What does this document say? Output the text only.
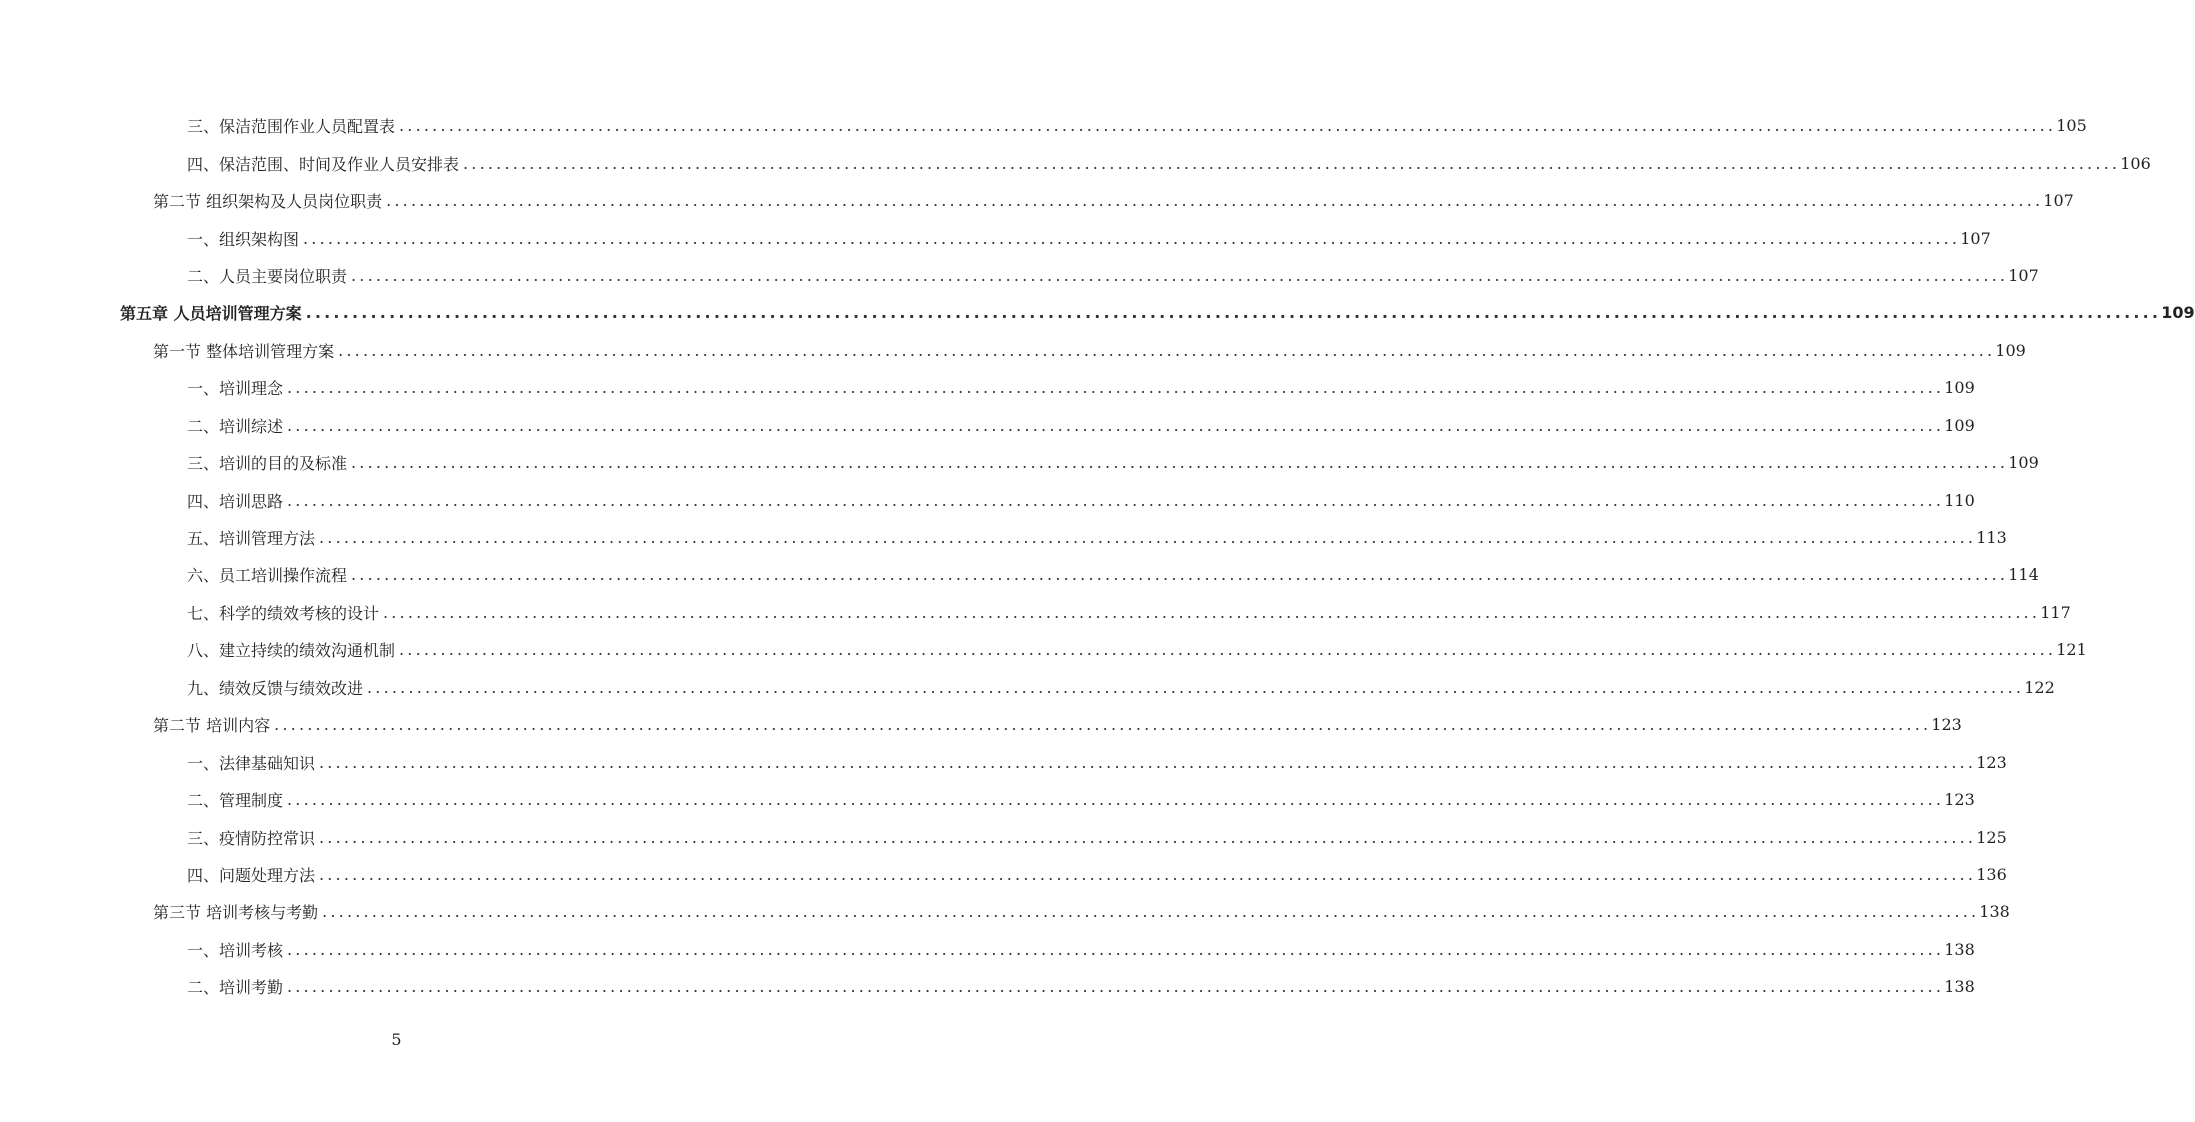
三、保洁范围作业人员配置表 ........................................................................................................................................................................................................ 105
四、保洁范围、时间及作业人员安排表 ........................................................................................................................................................................................................ 106
第二节 组织架构及人员岗位职责 ........................................................................................................................................................................................................ 107
一、组织架构图 ........................................................................................................................................................................................................ 107
二、人员主要岗位职责 ........................................................................................................................................................................................................ 107
第五章 人员培训管理方案 ........................................................................................................................................................................................................ 109
第一节 整体培训管理方案 ........................................................................................................................................................................................................ 109
一、培训理念 ........................................................................................................................................................................................................ 109
二、培训综述 ........................................................................................................................................................................................................ 109
三、培训的目的及标准 ........................................................................................................................................................................................................ 109
四、培训思路 ........................................................................................................................................................................................................ 110
五、培训管理方法 ........................................................................................................................................................................................................ 113
六、员工培训操作流程 ........................................................................................................................................................................................................ 114
七、科学的绩效考核的设计 ........................................................................................................................................................................................................ 117
八、建立持续的绩效沟通机制 ........................................................................................................................................................................................................ 121
九、绩效反馈与绩效改进 ........................................................................................................................................................................................................ 122
第二节 培训内容 ........................................................................................................................................................................................................ 123
一、法律基础知识 ........................................................................................................................................................................................................ 123
二、管理制度 ........................................................................................................................................................................................................ 123
三、疫情防控常识 ........................................................................................................................................................................................................ 125
四、问题处理方法 ........................................................................................................................................................................................................ 136
第三节 培训考核与考勤 ........................................................................................................................................................................................................ 138
一、培训考核 ........................................................................................................................................................................................................ 138
二、培训考勤 ........................................................................................................................................................................................................ 138
5
